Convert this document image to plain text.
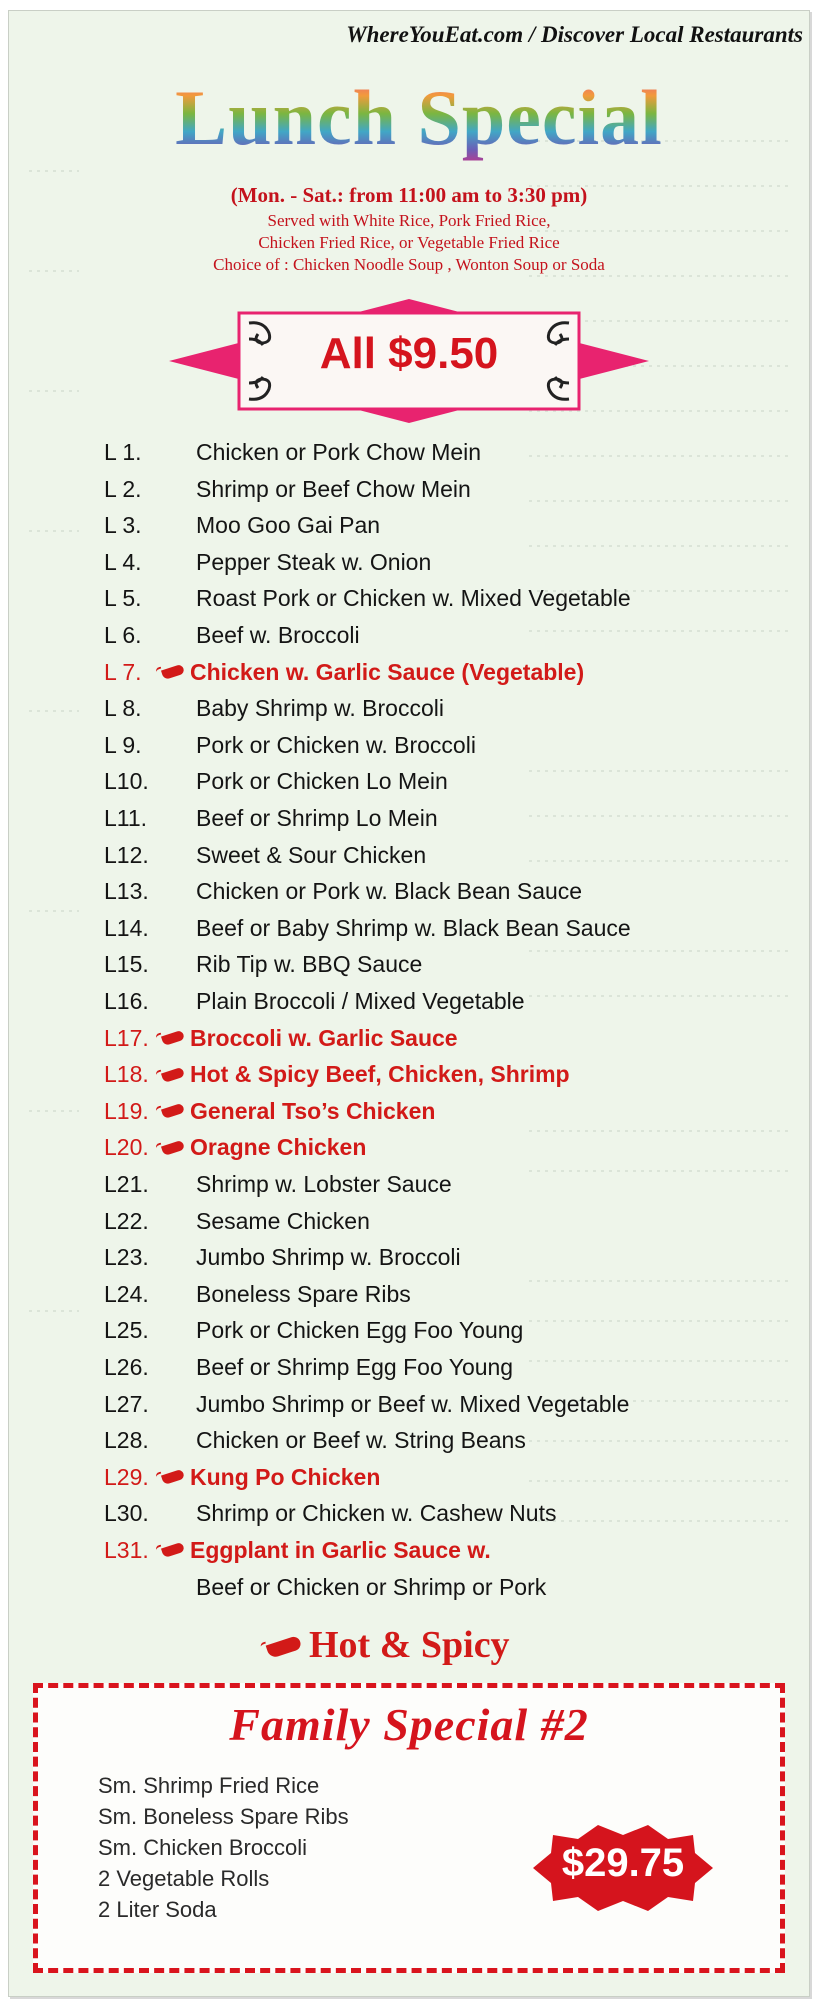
WhereYouEat.com / Discover Local Restaurants
Lunch Special
(Mon. - Sat.: from 11:00 am to 3:30 pm)
Served with White Rice, Pork Fried Rice,
Chicken Fried Rice, or Vegetable Fried Rice
Choice of : Chicken Noodle Soup , Wonton Soup or Soda
All $9.50
L 1.	Chicken or Pork Chow Mein
L 2.	Shrimp or Beef Chow Mein
L 3.	Moo Goo Gai Pan
L 4.	Pepper Steak w. Onion
L 5.	Roast Pork or Chicken w. Mixed Vegetable
L 6.	Beef w. Broccoli
L 7.	Chicken w. Garlic Sauce (Vegetable)
L 8.	Baby Shrimp w. Broccoli
L 9.	Pork or Chicken w. Broccoli
L10.	Pork or Chicken Lo Mein
L11.	Beef or Shrimp Lo Mein
L12.	Sweet & Sour Chicken
L13.	Chicken or Pork w. Black Bean Sauce
L14.	Beef or Baby Shrimp w. Black Bean Sauce
L15.	Rib Tip w. BBQ Sauce
L16.	Plain Broccoli / Mixed Vegetable
L17.	Broccoli w. Garlic Sauce
L18.	Hot & Spicy Beef, Chicken, Shrimp
L19.	General Tso’s Chicken
L20.	Oragne Chicken
L21.	Shrimp w. Lobster Sauce
L22.	Sesame Chicken
L23.	Jumbo Shrimp w. Broccoli
L24.	Boneless Spare Ribs
L25.	Pork or Chicken Egg Foo Young
L26.	Beef or Shrimp Egg Foo Young
L27.	Jumbo Shrimp or Beef w. Mixed Vegetable
L28.	Chicken or Beef w. String Beans
L29.	Kung Po Chicken
L30.	Shrimp or Chicken w. Cashew Nuts
L31.	Eggplant in Garlic Sauce w.
Beef or Chicken or Shrimp or Pork
Hot & Spicy
Family Special #2
Sm. Shrimp Fried Rice
Sm. Boneless Spare Ribs
Sm. Chicken Broccoli
2 Vegetable Rolls
2 Liter Soda
$29.75
